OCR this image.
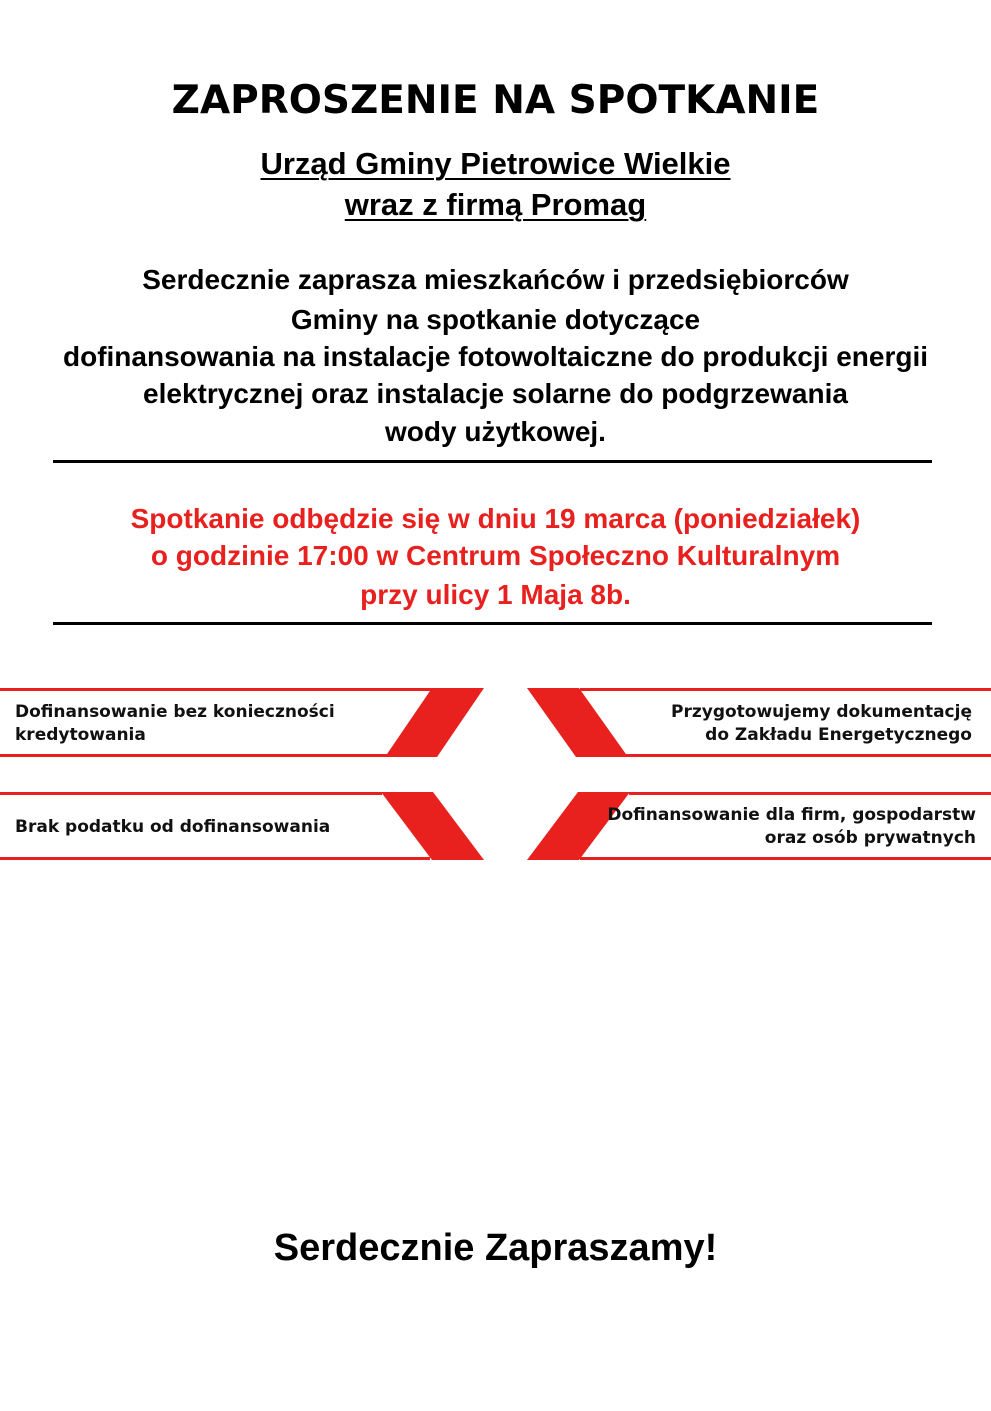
ZAPROSZENIE NA SPOTKANIE
Urząd Gminy Pietrowice Wielkie
wraz z firmą Promag
Serdecznie zaprasza mieszkańców i przedsiębiorców
Gminy na spotkanie dotyczące
dofinansowania na instalacje fotowoltaiczne do produkcji energii
elektrycznej oraz instalacje solarne do podgrzewania
wody użytkowej.
Spotkanie odbędzie się w dniu 19 marca (poniedziałek)
o godzinie 17:00 w Centrum Społeczno Kulturalnym
przy ulicy 1 Maja 8b.
Dofinansowanie bez konieczności
kredytowania
Przygotowujemy dokumentację
do Zakładu Energetycznego
Brak podatku od dofinansowania
Dofinansowanie dla firm, gospodarstw
oraz osób prywatnych
Serdecznie Zapraszamy!
